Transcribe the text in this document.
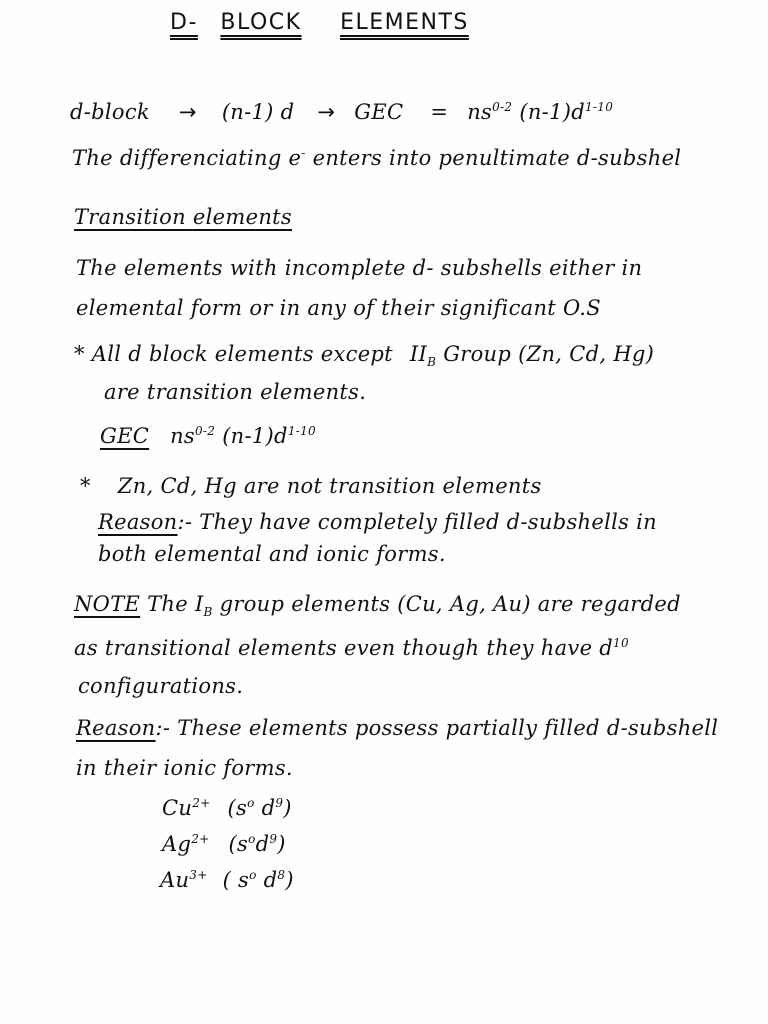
D- BLOCK ELEMENTS
d-block → (n-1) d → GEC = $ns^{0-2}$ $(n-1)d^{1-10}$
The differenciating e- enters into penultimate d-subshel
Transition elements
The elements with incomplete d- subshells either in
elemental form or in any of their significant O.S
* All d block elements except $II_B$ Group (Zn, Cd, Hg)
are transition elements.
GEC $ns^{0-2}$ $(n-1)d^{1-10}$
* Zn, Cd, Hg are not transition elements
Reason:- They have completely filled d-subshells in
both elemental and ionic forms.
NOTE The $I_B$ group elements (Cu, Ag, Au) are regarded
as transitional elements even though they have $d^{10}$
configurations.
Reason:- These elements possess partially filled d-subshell
in their ionic forms.
$Cu^{2+}$ ($s^o$ $d^9$)
$Ag^{2+}$ $(s^od^9)$
$Au^{3+}$ ( $s^o$ $d^8$)
